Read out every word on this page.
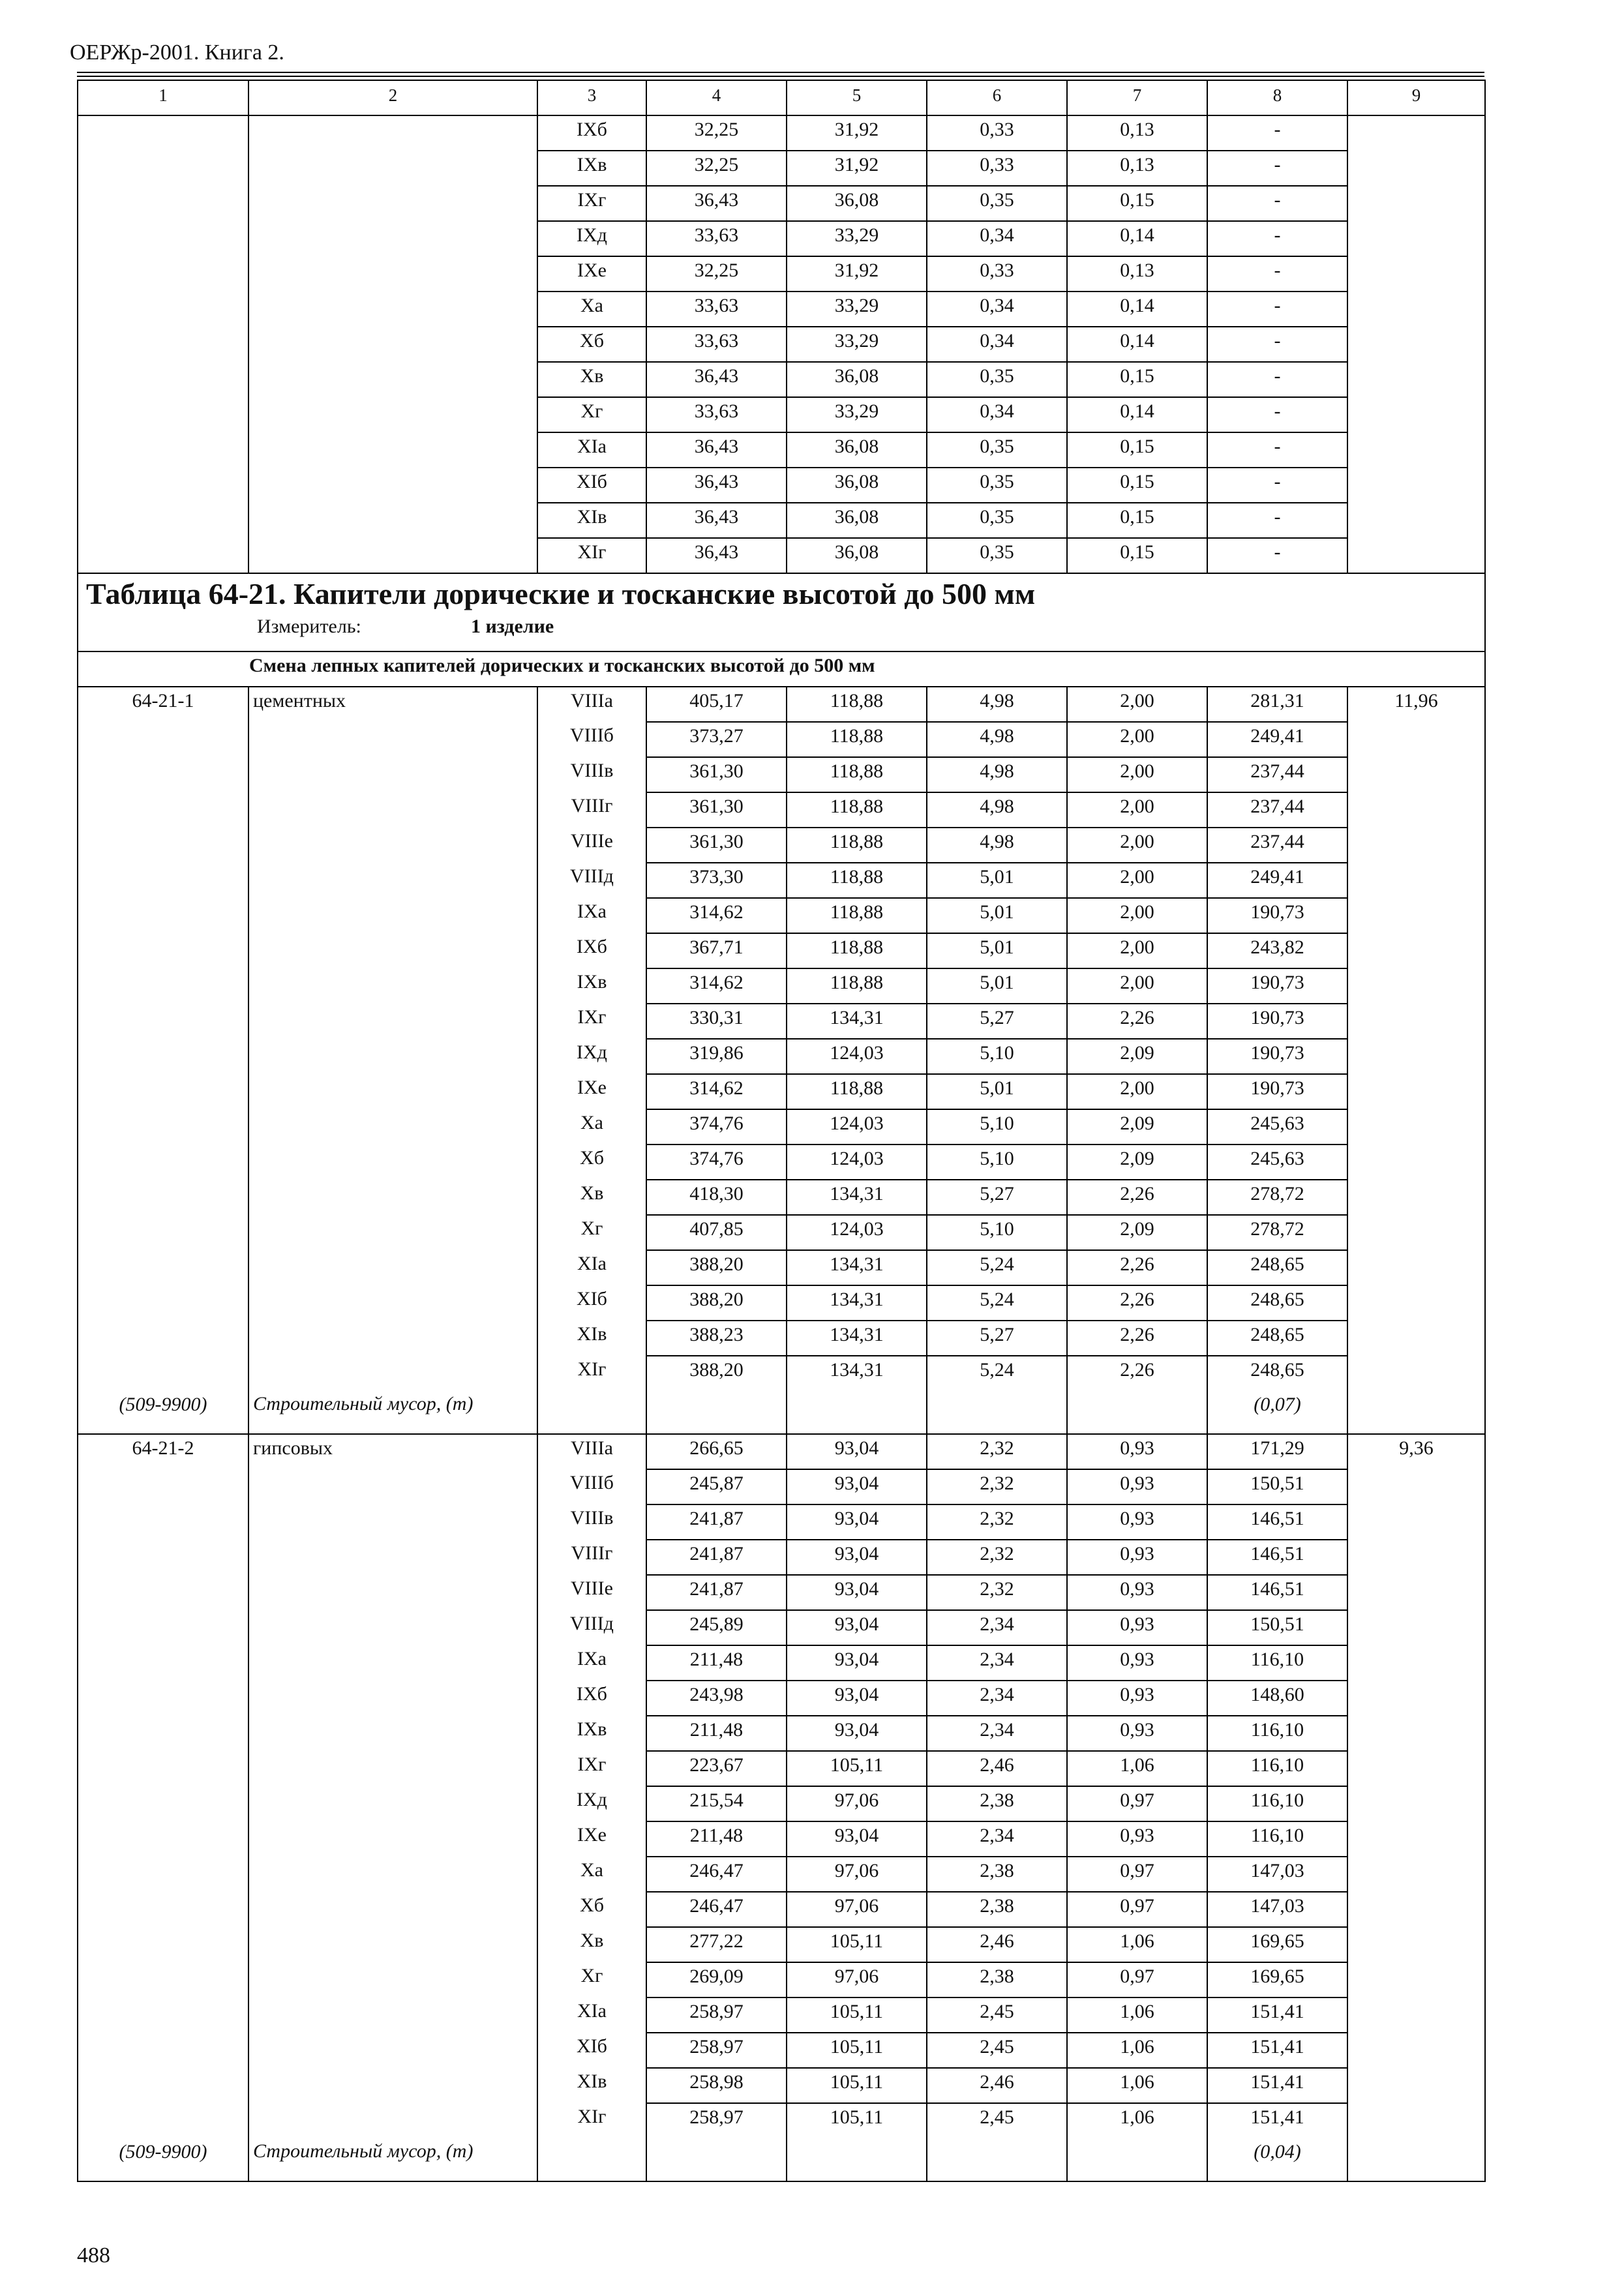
ОЕРЖр-2001. Книга 2.
1	2	3	4	5	6	7	8	9
		IXб	32,25	31,92	0,33	0,13	-	
		IXв	32,25	31,92	0,33	0,13	-	
		IXг	36,43	36,08	0,35	0,15	-	
		IXд	33,63	33,29	0,34	0,14	-	
		IXе	32,25	31,92	0,33	0,13	-	
		Xа	33,63	33,29	0,34	0,14	-	
		Xб	33,63	33,29	0,34	0,14	-	
		Xв	36,43	36,08	0,35	0,15	-	
		Xг	33,63	33,29	0,34	0,14	-	
		XIа	36,43	36,08	0,35	0,15	-	
		XIб	36,43	36,08	0,35	0,15	-	
		XIв	36,43	36,08	0,35	0,15	-	
		XIг	36,43	36,08	0,35	0,15	-	

Таблица 64-21. Капители дорические и тосканские высотой до 500 мм
Измеритель: 1 изделие								

Смена лепных капителей дорических и тосканских высотой до 500 мм								
64-21-1	цементных	VIIIа	405,17	118,88	4,98	2,00	281,31	11,96
		VIIIб	373,27	118,88	4,98	2,00	249,41	
		VIIIв	361,30	118,88	4,98	2,00	237,44	
		VIIIг	361,30	118,88	4,98	2,00	237,44	
		VIIIе	361,30	118,88	4,98	2,00	237,44	
		VIIIд	373,30	118,88	5,01	2,00	249,41	
		IXа	314,62	118,88	5,01	2,00	190,73	
		IXб	367,71	118,88	5,01	2,00	243,82	
		IXв	314,62	118,88	5,01	2,00	190,73	
		IXг	330,31	134,31	5,27	2,26	190,73	
		IXд	319,86	124,03	5,10	2,09	190,73	
		IXе	314,62	118,88	5,01	2,00	190,73	
		Xа	374,76	124,03	5,10	2,09	245,63	
		Xб	374,76	124,03	5,10	2,09	245,63	
		Xв	418,30	134,31	5,27	2,26	278,72	
		Xг	407,85	124,03	5,10	2,09	278,72	
		XIа	388,20	134,31	5,24	2,26	248,65	
		XIб	388,20	134,31	5,24	2,26	248,65	
		XIв	388,23	134,31	5,27	2,26	248,65	
		XIг	388,20	134,31	5,24	2,26	248,65	
(509-9900)	Строительный мусор, (т)						(0,07)	
64-21-2	гипсовых	VIIIа	266,65	93,04	2,32	0,93	171,29	9,36
		VIIIб	245,87	93,04	2,32	0,93	150,51	
		VIIIв	241,87	93,04	2,32	0,93	146,51	
		VIIIг	241,87	93,04	2,32	0,93	146,51	
		VIIIе	241,87	93,04	2,32	0,93	146,51	
		VIIIд	245,89	93,04	2,34	0,93	150,51	
		IXа	211,48	93,04	2,34	0,93	116,10	
		IXб	243,98	93,04	2,34	0,93	148,60	
		IXв	211,48	93,04	2,34	0,93	116,10	
		IXг	223,67	105,11	2,46	1,06	116,10	
		IXд	215,54	97,06	2,38	0,97	116,10	
		IXе	211,48	93,04	2,34	0,93	116,10	
		Xа	246,47	97,06	2,38	0,97	147,03	
		Xб	246,47	97,06	2,38	0,97	147,03	
		Xв	277,22	105,11	2,46	1,06	169,65	
		Xг	269,09	97,06	2,38	0,97	169,65	
		XIа	258,97	105,11	2,45	1,06	151,41	
		XIб	258,97	105,11	2,45	1,06	151,41	
		XIв	258,98	105,11	2,46	1,06	151,41	
		XIг	258,97	105,11	2,45	1,06	151,41	
(509-9900)	Строительный мусор, (т)						(0,04)	
488
